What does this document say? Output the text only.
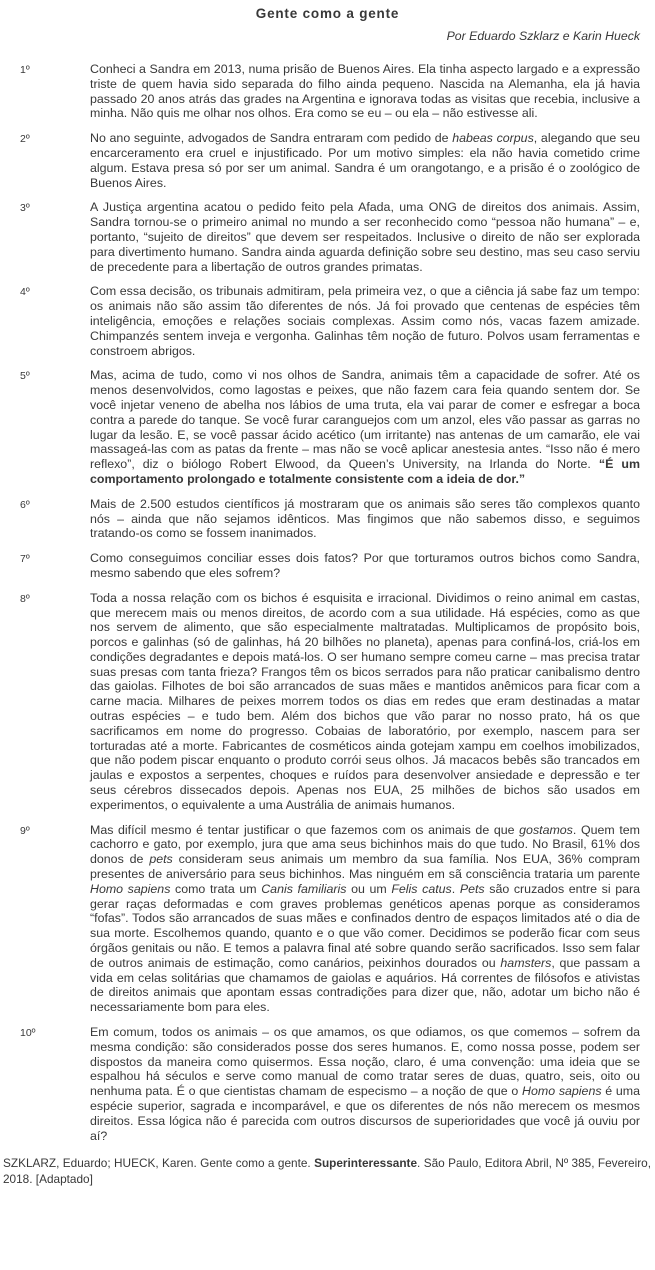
Gente como a gente
Por Eduardo Szklarz e Karin Hueck
1º	Conheci a Sandra em 2013, numa prisão de Buenos Aires. Ela tinha aspecto largado e a expressão triste de quem havia sido separada do filho ainda pequeno. Nascida na Alemanha, ela já havia passado 20 anos atrás das grades na Argentina e ignorava todas as visitas que recebia, inclusive a minha. Não quis me olhar nos olhos. Era como se eu – ou ela – não estivesse ali.
2º	No ano seguinte, advogados de Sandra entraram com pedido de habeas corpus, alegando que seu encarceramento era cruel e injustificado. Por um motivo simples: ela não havia cometido crime algum. Estava presa só por ser um animal. Sandra é um orangotango, e a prisão é o zoológico de Buenos Aires.
3º	A Justiça argentina acatou o pedido feito pela Afada, uma ONG de direitos dos animais. Assim, Sandra tornou-se o primeiro animal no mundo a ser reconhecido como “pessoa não humana” – e, portanto, “sujeito de direitos” que devem ser respeitados. Inclusive o direito de não ser explorada para divertimento humano. Sandra ainda aguarda definição sobre seu destino, mas seu caso serviu de precedente para a libertação de outros grandes primatas.
4º	Com essa decisão, os tribunais admitiram, pela primeira vez, o que a ciência já sabe faz um tempo: os animais não são assim tão diferentes de nós. Já foi provado que centenas de espécies têm inteligência, emoções e relações sociais complexas. Assim como nós, vacas fazem amizade. Chimpanzés sentem inveja e vergonha. Galinhas têm noção de futuro. Polvos usam ferramentas e constroem abrigos.
5º	Mas, acima de tudo, como vi nos olhos de Sandra, animais têm a capacidade de sofrer. Até os menos desenvolvidos, como lagostas e peixes, que não fazem cara feia quando sentem dor. Se você injetar veneno de abelha nos lábios de uma truta, ela vai parar de comer e esfregar a boca contra a parede do tanque. Se você furar caranguejos com um anzol, eles vão passar as garras no lugar da lesão. E, se você passar ácido acético (um irritante) nas antenas de um camarão, ele vai massageá-las com as patas da frente – mas não se você aplicar anestesia antes. “Isso não é mero reflexo”, diz o biólogo Robert Elwood, da Queen’s University, na Irlanda do Norte. “É um comportamento prolongado e totalmente consistente com a ideia de dor.”
6º	Mais de 2.500 estudos científicos já mostraram que os animais são seres tão complexos quanto nós – ainda que não sejamos idênticos. Mas fingimos que não sabemos disso, e seguimos tratando-os como se fossem inanimados.
7º	Como conseguimos conciliar esses dois fatos? Por que torturamos outros bichos como Sandra, mesmo sabendo que eles sofrem?
8º	Toda a nossa relação com os bichos é esquisita e irracional. Dividimos o reino animal em castas, que merecem mais ou menos direitos, de acordo com a sua utilidade. Há espécies, como as que nos servem de alimento, que são especialmente maltratadas. Multiplicamos de propósito bois, porcos e galinhas (só de galinhas, há 20 bilhões no planeta), apenas para confiná-los, criá-los em condições degradantes e depois matá-los. O ser humano sempre comeu carne – mas precisa tratar suas presas com tanta frieza? Frangos têm os bicos serrados para não praticar canibalismo dentro das gaiolas. Filhotes de boi são arrancados de suas mães e mantidos anêmicos para ficar com a carne macia. Milhares de peixes morrem todos os dias em redes que eram destinadas a matar outras espécies – e tudo bem. Além dos bichos que vão parar no nosso prato, há os que sacrificamos em nome do progresso. Cobaias de laboratório, por exemplo, nascem para ser torturadas até a morte. Fabricantes de cosméticos ainda gotejam xampu em coelhos imobilizados, que não podem piscar enquanto o produto corrói seus olhos. Já macacos bebês são trancados em jaulas e expostos a serpentes, choques e ruídos para desenvolver ansiedade e depressão e ter seus cérebros dissecados depois. Apenas nos EUA, 25 milhões de bichos são usados em experimentos, o equivalente a uma Austrália de animais humanos.
9º	Mas difícil mesmo é tentar justificar o que fazemos com os animais de que gostamos. Quem tem cachorro e gato, por exemplo, jura que ama seus bichinhos mais do que tudo. No Brasil, 61% dos donos de pets consideram seus animais um membro da sua família. Nos EUA, 36% compram presentes de aniversário para seus bichinhos. Mas ninguém em sã consciência trataria um parente Homo sapiens como trata um Canis familiaris ou um Felis catus. Pets são cruzados entre si para gerar raças deformadas e com graves problemas genéticos apenas porque as consideramos “fofas”. Todos são arrancados de suas mães e confinados dentro de espaços limitados até o dia de sua morte. Escolhemos quando, quanto e o que vão comer. Decidimos se poderão ficar com seus órgãos genitais ou não. E temos a palavra final até sobre quando serão sacrificados. Isso sem falar de outros animais de estimação, como canários, peixinhos dourados ou hamsters, que passam a vida em celas solitárias que chamamos de gaiolas e aquários. Há correntes de filósofos e ativistas de direitos animais que apontam essas contradições para dizer que, não, adotar um bicho não é necessariamente bom para eles.
10º	Em comum, todos os animais – os que amamos, os que odiamos, os que comemos – sofrem da mesma condição: são considerados posse dos seres humanos. E, como nossa posse, podem ser dispostos da maneira como quisermos. Essa noção, claro, é uma convenção: uma ideia que se espalhou há séculos e serve como manual de como tratar seres de duas, quatro, seis, oito ou nenhuma pata. É o que cientistas chamam de especismo – a noção de que o Homo sapiens é uma espécie superior, sagrada e incomparável, e que os diferentes de nós não merecem os mesmos direitos. Essa lógica não é parecida com outros discursos de superioridades que você já ouviu por aí?
SZKLARZ, Eduardo; HUECK, Karen. Gente como a gente. Superinteressante. São Paulo, Editora Abril, Nº 385, Fevereiro, 2018. [Adaptado]
